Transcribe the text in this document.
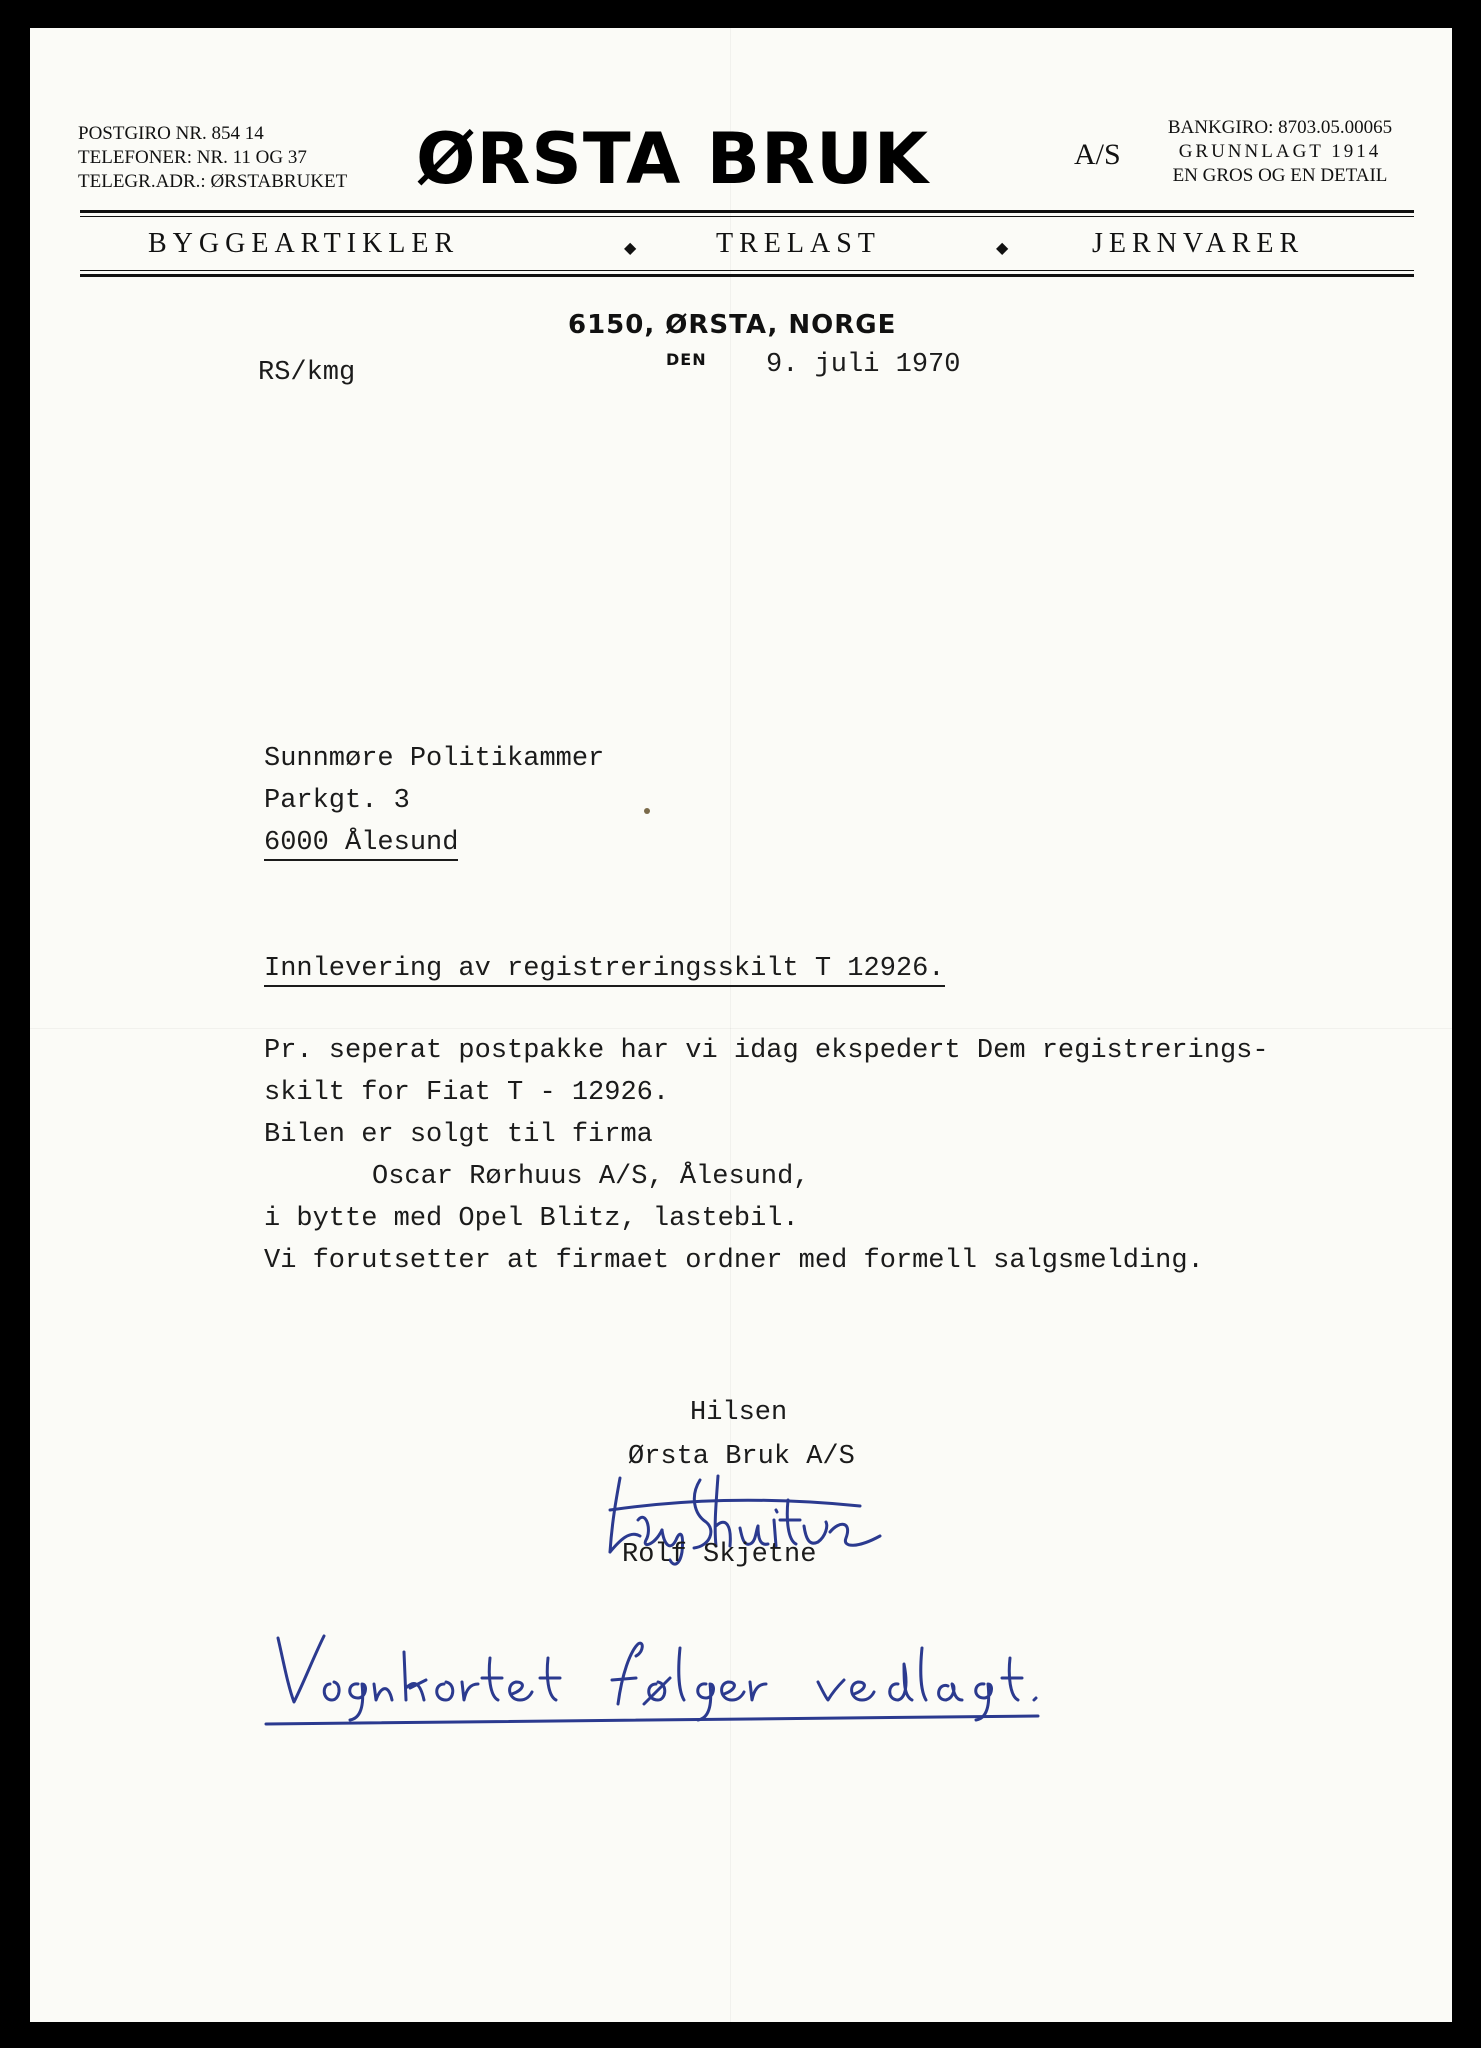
POSTGIRO NR. 854 14
TELEFONER: NR. 11 OG 37
TELEGR.ADR.: ØRSTABRUKET ØRSTA BRUK	A/S
BANKGIRO: 8703.05.00065
GRUNNLAGT 1914
EN GROS OG EN DETAIL
BYGGEARTIKLER	◆	TRELAST	◆	JERNVARER
6150, ØRSTA, NORGE
RS/kmg	DEN 9. juli 1970
Sunnmøre Politikammer
Parkgt. 3
6000 Ålesund
Innlevering av registreringsskilt T 12926.
Pr. seperat postpakke har vi idag ekspedert Dem registrerings-
skilt for Fiat T - 12926.
Bilen er solgt til firma
Oscar Rørhuus A/S, Ålesund,
i bytte med Opel Blitz, lastebil.
Vi forutsetter at firmaet ordner med formell salgsmelding.
Hilsen
Ørsta Bruk A/S
Rolf Skjetne
